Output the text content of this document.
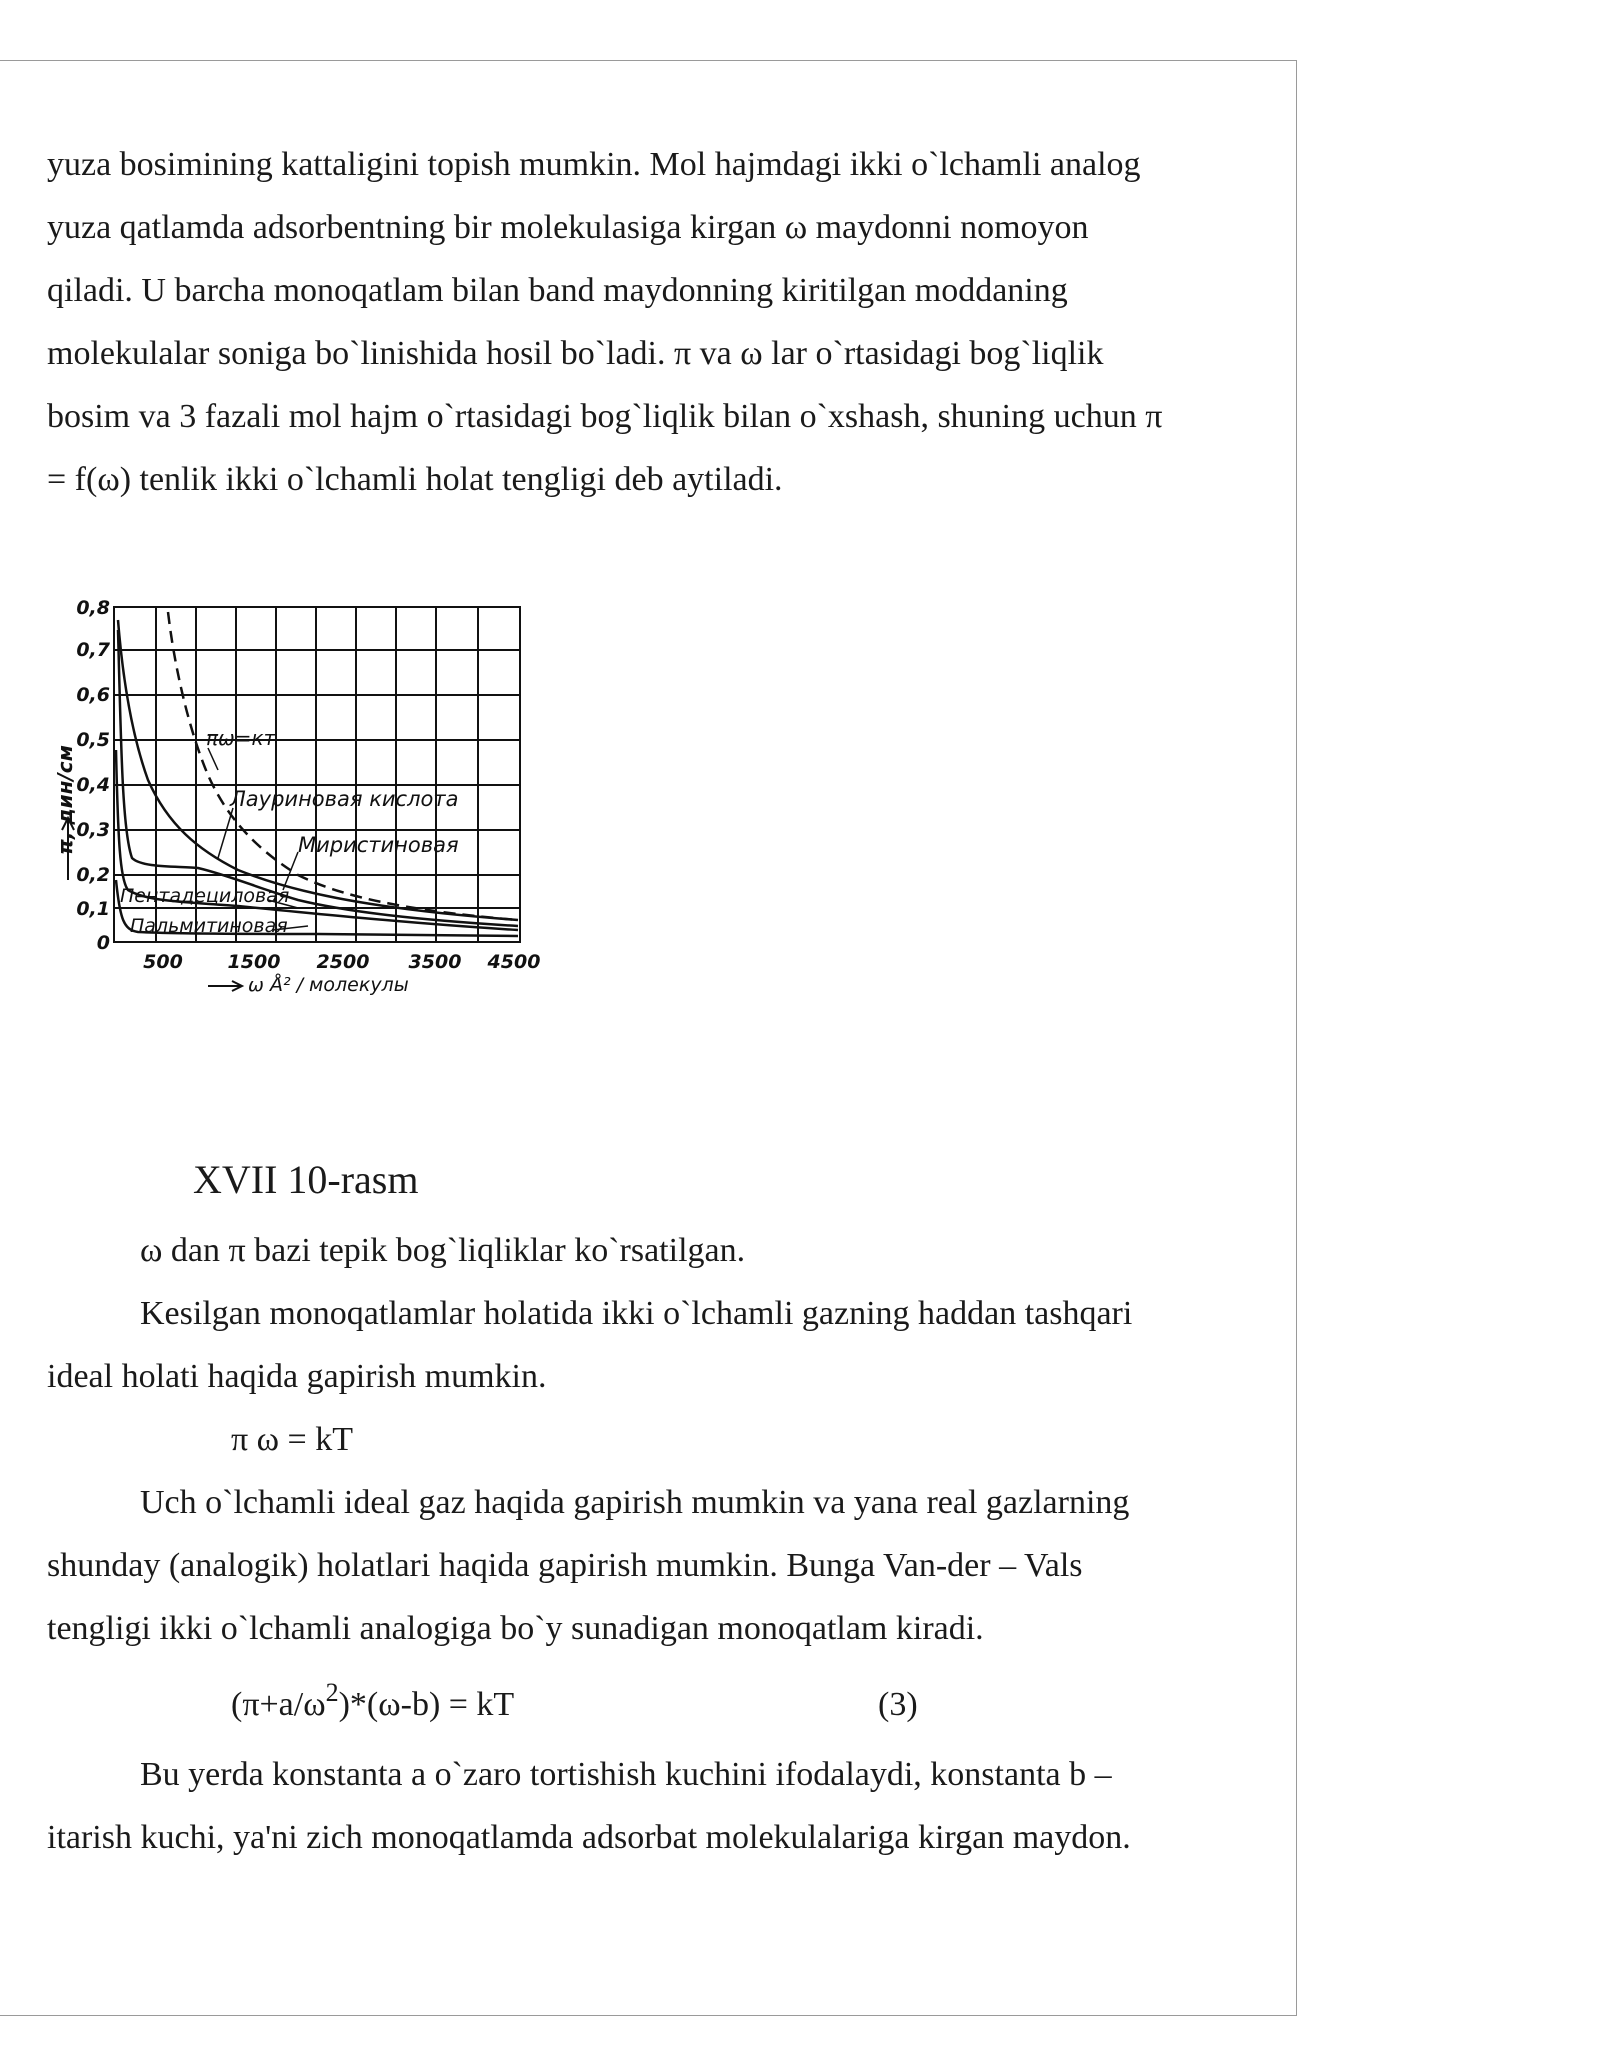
yuza bosimining kattaligini topish mumkin. Mol hajmdagi ikki o`lchamli analog
yuza qatlamda adsorbentning bir molekulasiga kirgan ω maydonni nomoyon
qiladi. U barcha monoqatlam bilan band maydonning kiritilgan moddaning
molekulalar soniga bo`linishida hosil bo`ladi. π va ω lar o`rtasidagi bog`liqlik
bosim va 3 fazali mol hajm o`rtasidagi bog`liqlik bilan o`xshash, shuning uchun π
= f(ω) tenlik ikki o`lchamli holat tengligi deb aytiladi.
πω=кт
Лауриновая кислота
Миристиновая
Пентадециловая
Пальмитиновая
0
0,1
0,2
0,3
0,4
0,5
0,6
0,7
0,8
π, дин/см
500 1500 2500 3500 4500
ω Å² / молекулы
XVII 10-rasm
ω dan π bazi tepik bog`liqliklar ko`rsatilgan.
Kesilgan monoqatlamlar holatida ikki o`lchamli gazning haddan tashqari
ideal holati haqida gapirish mumkin.
π ω = kT
Uch o`lchamli ideal gaz haqida gapirish mumkin va yana real gazlarning
shunday (analogik) holatlari haqida gapirish mumkin. Bunga Van-der – Vals
tengligi ikki o`lchamli analogiga bo`y sunadigan monoqatlam kiradi.
$(\pi+a/\omega^2)*(\omega-b)$ = kT	(3)
Bu yerda konstanta a o`zaro tortishish kuchini ifodalaydi, konstanta b –
itarish kuchi, ya'ni zich monoqatlamda adsorbat molekulalariga kirgan maydon.
